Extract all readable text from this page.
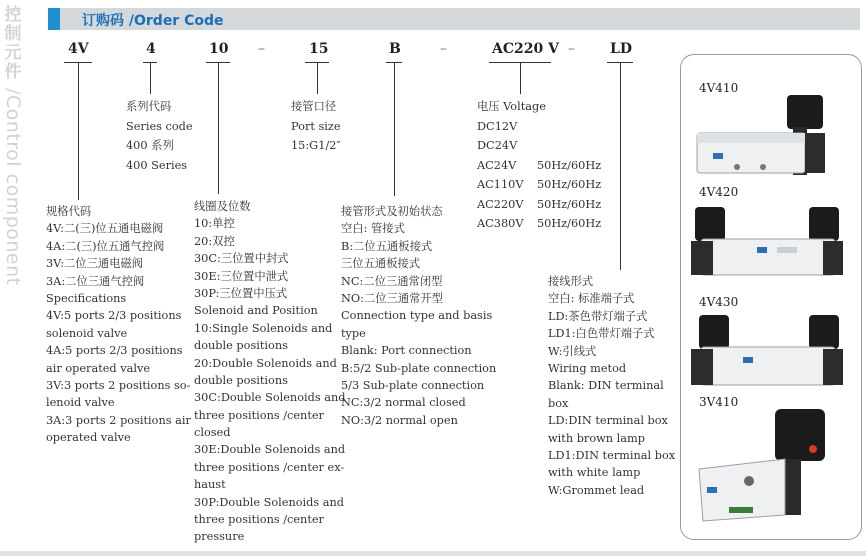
控
制
元
件
/Control component
订购码 /Order Code
4V	4	10 –	15	B	–	AC220 V –	LD
系列代码
Series code
400 系列
400 Series
接管口径
Port size
15:G1/2″
电压 Voltage
DC12V
DC24V
AC24V 50Hz/60Hz
AC110V 50Hz/60Hz
AC220V 50Hz/60Hz
AC380V 50Hz/60Hz
规格代码
4V:二(三)位五通电磁阀
4A:二(三)位五通气控阀
3V:二位三通电磁阀
3A:二位三通气控阀
Specifications
4V:5 ports 2/3 positions
solenoid valve
4A:5 ports 2/3 positions
air operated valve
3V:3 ports 2 positions so-
lenoid valve
3A:3 ports 2 positions air
operated valve
线圈及位数
10:单控
20:双控
30C:三位置中封式
30E:三位置中泄式
30P:三位置中压式
Solenoid and Position
10:Single Solenoids and
double positions
20:Double Solenoids and
double positions
30C:Double Solenoids and
three positions /center
closed
30E:Double Solenoids and
three positions /center ex-
haust
30P:Double Solenoids and
three positions /center
pressure
接管形式及初始状态
空白: 管接式
B:二位五通板接式
三位五通板接式
NC:二位三通常闭型
NO:二位三通常开型
Connection type and basis
type
Blank: Port connection
B:5/2 Sub-plate connection
5/3 Sub-plate connection
NC:3/2 normal closed
NO:3/2 normal open
接线形式
空白: 标准端子式
LD:茶色带灯端子式
LD1:白色带灯端子式
W:引线式
Wiring metod
Blank: DIN terminal
box
LD:DIN terminal box
with brown lamp
LD1:DIN terminal box
with white lamp
W:Grommet lead
4V410
4V420
4V430
3V410
